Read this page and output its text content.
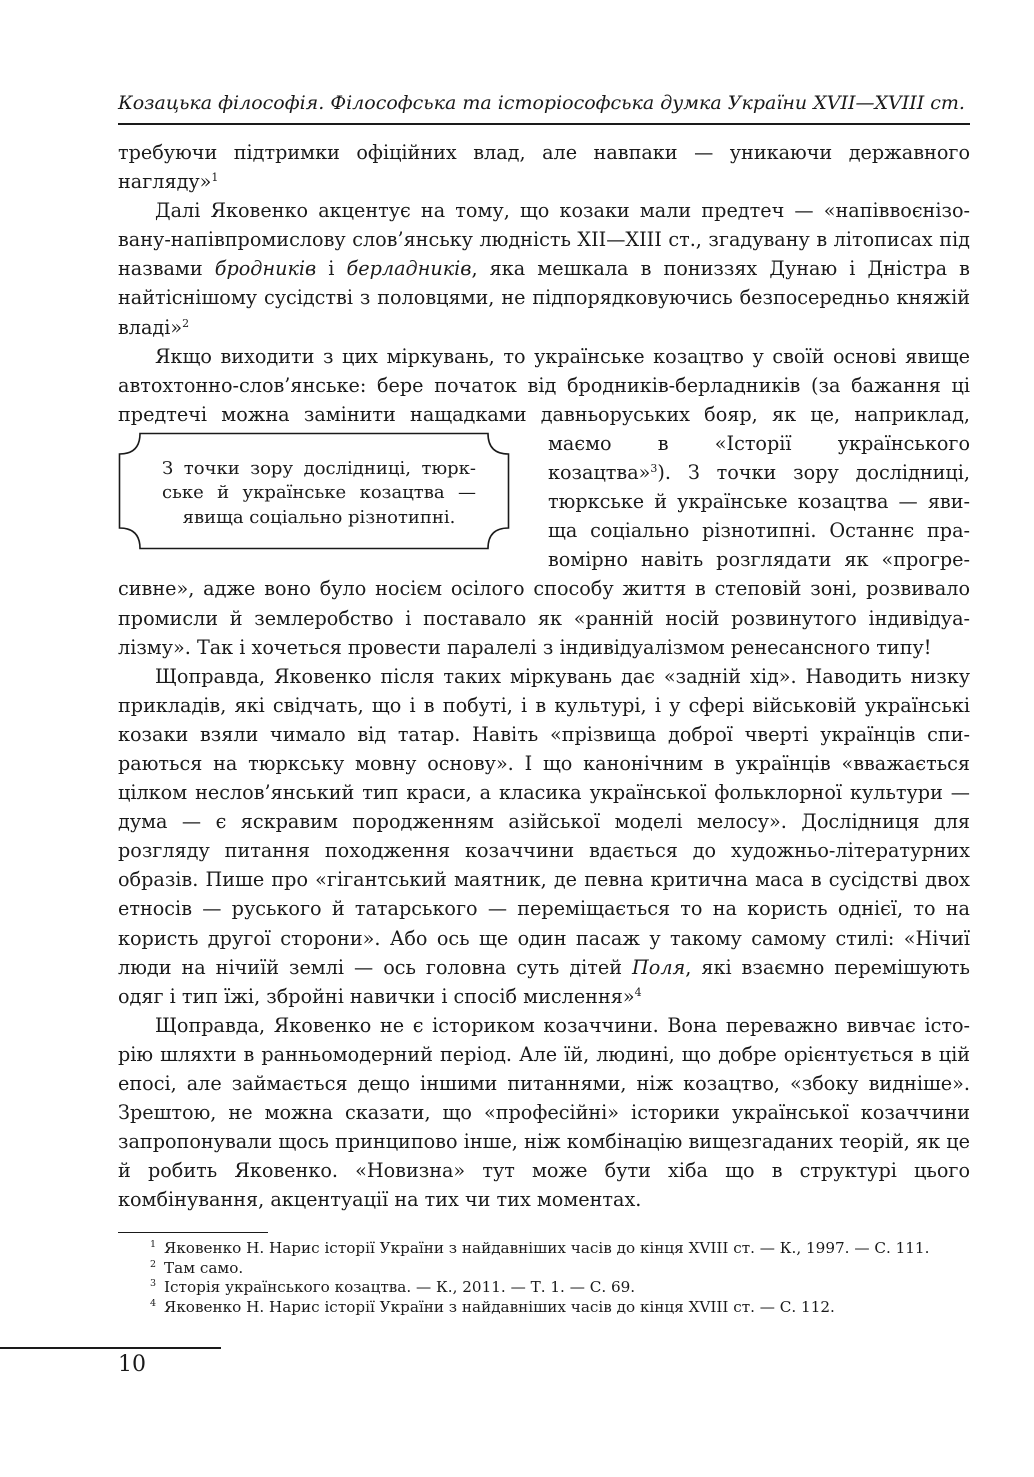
Козацька філософія. Філософська та історіософська думка України XVII—XVIII ст.

требуючи підтримки офіційних влад, але навпаки — уникаючи державного нагляду»$^1$

Далі Яковенко акцентує на тому, що козаки мали предтеч — «напіввоєнізовану-напівпромислову слов’янську людність XII—XIII ст., згадувану в літописах під назвами бродників і берладників, яка мешкала в пониззях Дунаю і Дністра в найтіснішому сусідстві з половцями, не підпорядковуючись безпосередньо княжій владі»$^2$

Якщо виходити з цих міркувань, то українське козацтво у своїй основі явище автохтонно-слов’янське: бере початок від бродників-берладників (за бажання ці предтечі можна замінити нащадками давньоруських бояр, як це, на
З точки зору дослідниці, тюркське й українське козацтва — явища соціально різнотипні.
приклад, маємо в «Історії українського козацтва»$^3$). З точки зору дослідниці, тюркське й українське козацтва — явища соціально різнотипні. Останнє правомірно навіть розглядати як «прогресивне», адже воно було носієм осілого способу життя в степовій зоні, розвивало промисли й землеробство і поставало як «ранній носій розвинутого індивідуалізму». Так і хочеться провести паралелі з індивідуалізмом ренесансного типу!

Щоправда, Яковенко після таких міркувань дає «задній хід». Наводить низку прикладів, які свідчать, що і в побуті, і в культурі, і у сфері військовій українські козаки взяли чимало від татар. Навіть «прізвища доброї чверті українців спираються на тюркську мовну основу». І що канонічним в українців «вважається цілком неслов’янський тип краси, а класика української фольклорної культури — дума — є яскравим породженням азійської моделі мелосу». Дослідниця для розгляду питання походження козаччини вдається до художньо-літературних образів. Пише про «гігантський маятник, де певна критична маса в сусідстві двох етносів — руського й татарського — переміщається то на користь однієї, то на користь другої сторони». Або ось ще один пасаж у такому самому стилі: «Нічиї люди на нічиїй землі — ось головна суть дітей Поля, які взаємно перемішують одяг і тип їжі, збройні навички і спосіб мислення»$^4$

Щоправда, Яковенко не є істориком козаччини. Вона переважно вивчає історію шляхти в ранньомодерний період. Але їй, людині, що добре орієнтується в цій епосі, але займається дещо іншими питаннями, ніж козацтво, «збоку видніше». Зрештою, не можна сказати, що «професійні» історики української козаччини запропонували щось принципово інше, ніж комбінацію вищезгаданих теорій, як це й робить Яковенко. «Новизна» тут може бути хіба що в структурі цього комбінування, акцентуації на тих чи тих моментах.

$^1$ Яковенко Н. Нарис історії України з найдавніших часів до кінця XVIII ст. — К., 1997. — С. 111.
$^2$ Там само.
$^3$ Історія українського козацтва. — К., 2011. — Т. 1. — С. 69.
$^4$ Яковенко Н. Нарис історії України з найдавніших часів до кінця XVIII ст. — С. 112.
10
